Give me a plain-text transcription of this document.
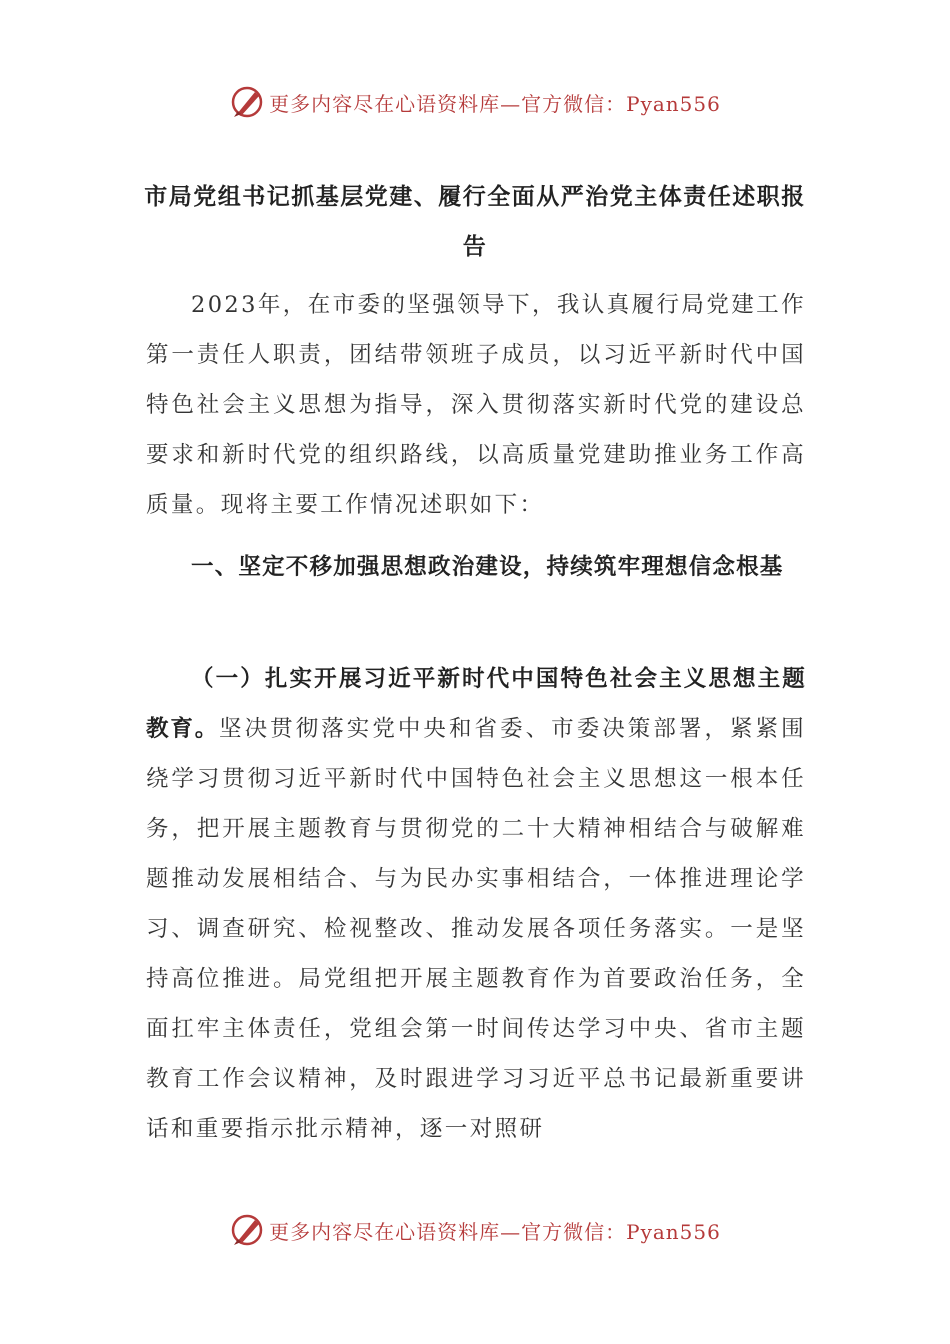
更多内容尽在心语资料库—官方微信：Pyan556
市局党组书记抓基层党建、履行全面从严治党主体责任述职报告

2023年，在市委的坚强领导下，我认真履行局党建工作第一责任人职责，团结带领班子成员，以习近平新时代中国特色社会主义思想为指导，深入贯彻落实新时代党的建设总要求和新时代党的组织路线，以高质量党建助推业务工作高质量。现将主要工作情况述职如下：

一、坚定不移加强思想政治建设，持续筑牢理想信念根基

（一）扎实开展习近平新时代中国特色社会主义思想主题教育。坚决贯彻落实党中央和省委、市委决策部署，紧紧围绕学习贯彻习近平新时代中国特色社会主义思想这一根本任务，把开展主题教育与贯彻党的二十大精神相结合与破解难题推动发展相结合、与为民办实事相结合，一体推进理论学习、调查研究、检视整改、推动发展各项任务落实。一是坚持高位推进。局党组把开展主题教育作为首要政治任务，全面扛牢主体责任，党组会第一时间传达学习中央、省市主题教育工作会议精神，及时跟进学习习近平总书记最新重要讲话和重要指示批示精神，逐一对照研

更多内容尽在心语资料库—官方微信：Pyan556
